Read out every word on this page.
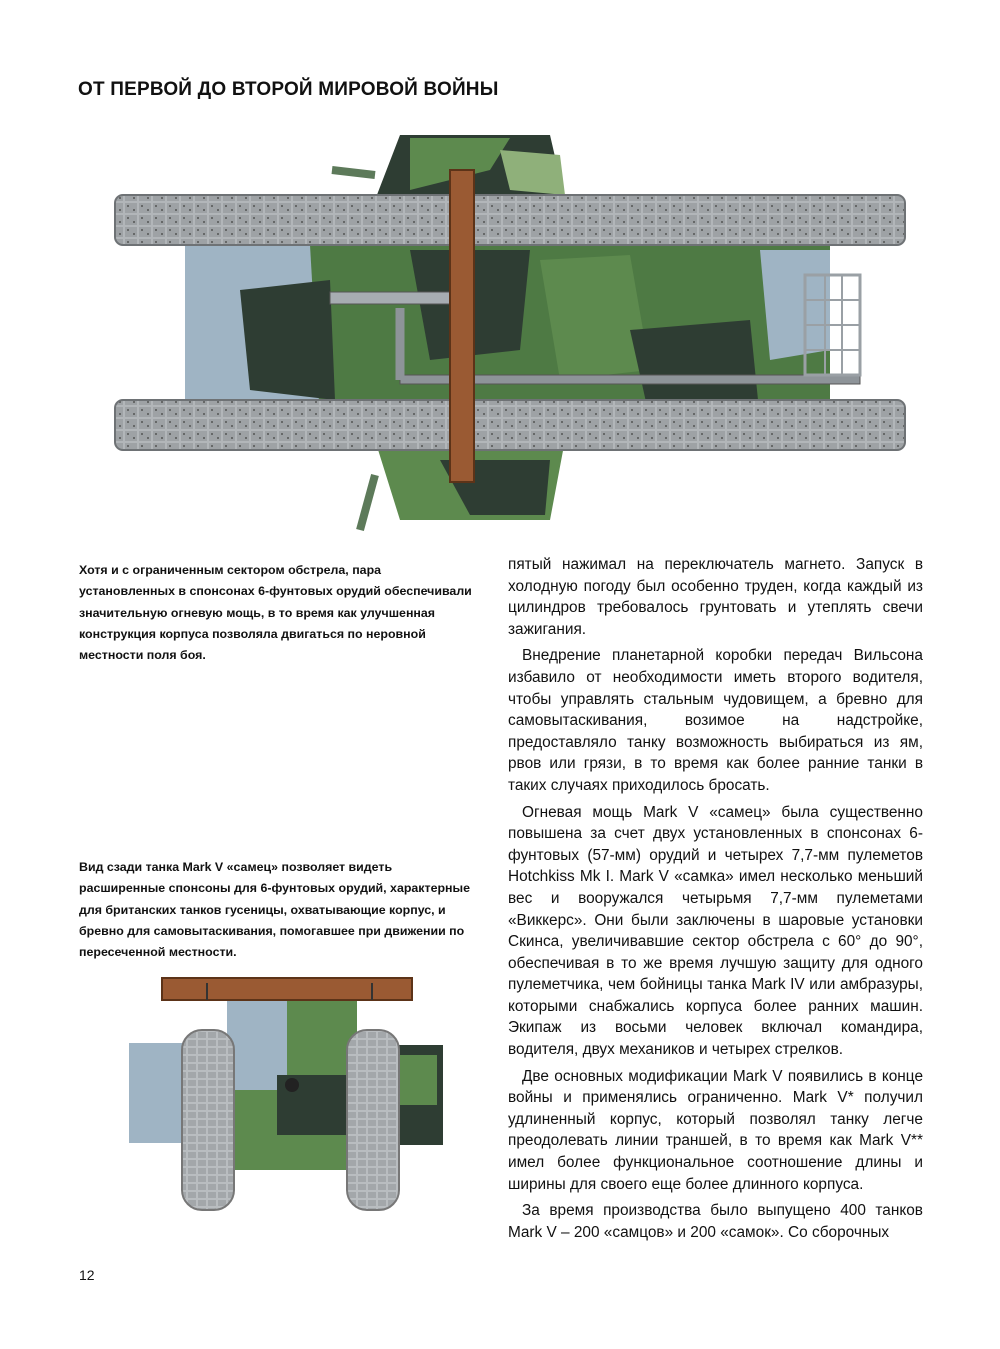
ОТ ПЕРВОЙ ДО ВТОРОЙ МИРОВОЙ ВОЙНЫ
Хотя и с ограниченным сектором обстрела, пара установленных в спонсонах 6-фунтовых орудий обеспечивали значительную огневую мощь, в то время как улучшенная конструкция корпуса позволяла двигаться по неровной местности поля боя.
Вид сзади танка Mark V «самец» позволяет видеть расширенные спонсоны для 6-фунтовых орудий, характерные для британских танков гусеницы, охватывающие корпус, и бревно для самовытаскивания, помогавшее при движении по пересеченной местности.

пятый нажимал на переключатель магнето. Запуск в холодную погоду был особенно труден, когда каждый из цилиндров требовалось грунтовать и утеплять свечи зажигания.

Внедрение планетарной коробки передач Вильсона избавило от необходимости иметь второго водителя, чтобы управлять стальным чудовищем, а бревно для самовытаскивания, возимое на надстройке, предоставляло танку возможность выбираться из ям, рвов или грязи, в то время как более ранние танки в таких случаях приходилось бросать.

Огневая мощь Mark V «самец» была существенно повышена за счет двух установленных в спонсонах 6-фунтовых (57-мм) орудий и четырех 7,7-мм пулеметов Hotchkiss Mk I. Mark V «самка» имел несколько меньший вес и вооружался четырьмя 7,7-мм пулеметами «Виккерс». Они были заключены в шаровые установки Скинса, увеличивавшие сектор обстрела с 60° до 90°, обеспечивая в то же время лучшую защиту для одного пулеметчика, чем бойницы танка Mark IV или амбразуры, которыми снабжались корпуса более ранних машин. Экипаж из восьми человек включал командира, водителя, двух механиков и четырех стрелков.

Две основных модификации Mark V появились в конце войны и применялись ограниченно. Mark V* получил удлиненный корпус, который позволял танку легче преодолевать линии траншей, в то время как Mark V** имел более функциональное соотношение длины и ширины для своего еще более длинного корпуса.

За время производства было выпущено 400 танков Mark V – 200 «самцов» и 200 «самок». Со сборочных

12
